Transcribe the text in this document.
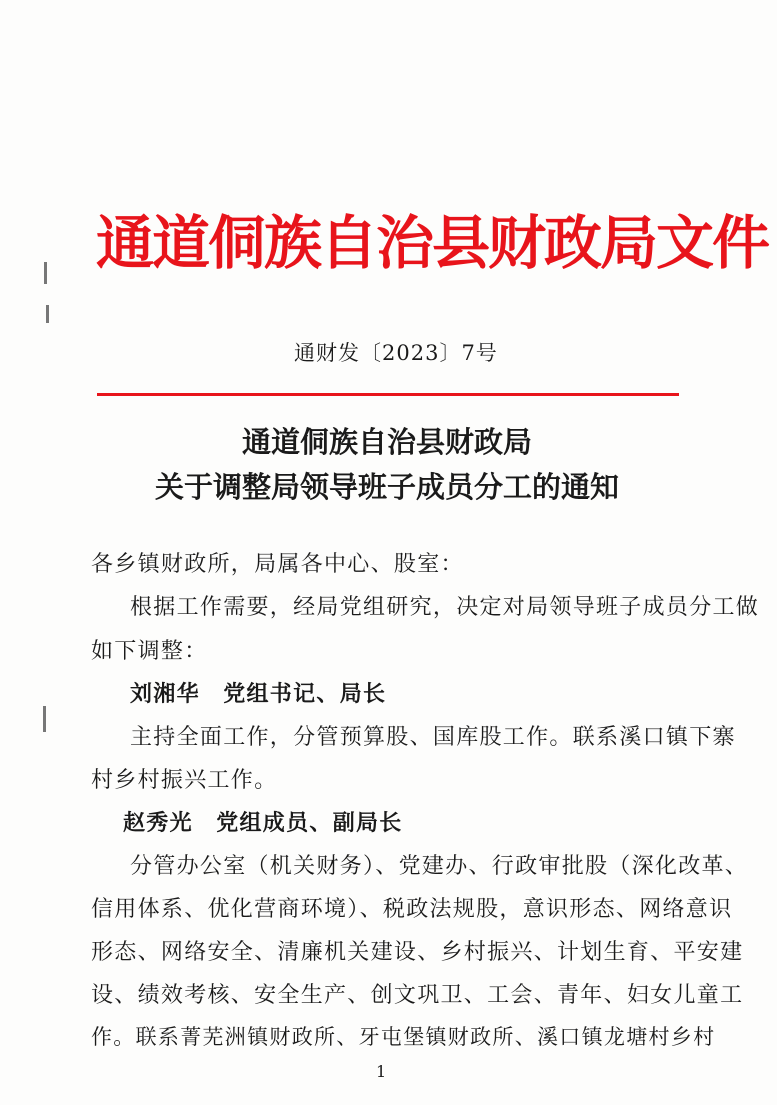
通道侗族自治县财政局文件
通财发〔2023〕7号
通道侗族自治县财政局
关于调整局领导班子成员分工的通知
各乡镇财政所，局属各中心、股室：
根据工作需要，经局党组研究，决定对局领导班子成员分工做
如下调整：
刘湘华　党组书记、局长
主持全面工作，分管预算股、国库股工作。联系溪口镇下寨
村乡村振兴工作。
赵秀光　党组成员、副局长
分管办公室（机关财务）、党建办、行政审批股（深化改革、
信用体系、优化营商环境）、税政法规股，意识形态、网络意识
形态、网络安全、清廉机关建设、乡村振兴、计划生育、平安建
设、绩效考核、安全生产、创文巩卫、工会、青年、妇女儿童工
作。联系菁芜洲镇财政所、牙屯堡镇财政所、溪口镇龙塘村乡村
1
